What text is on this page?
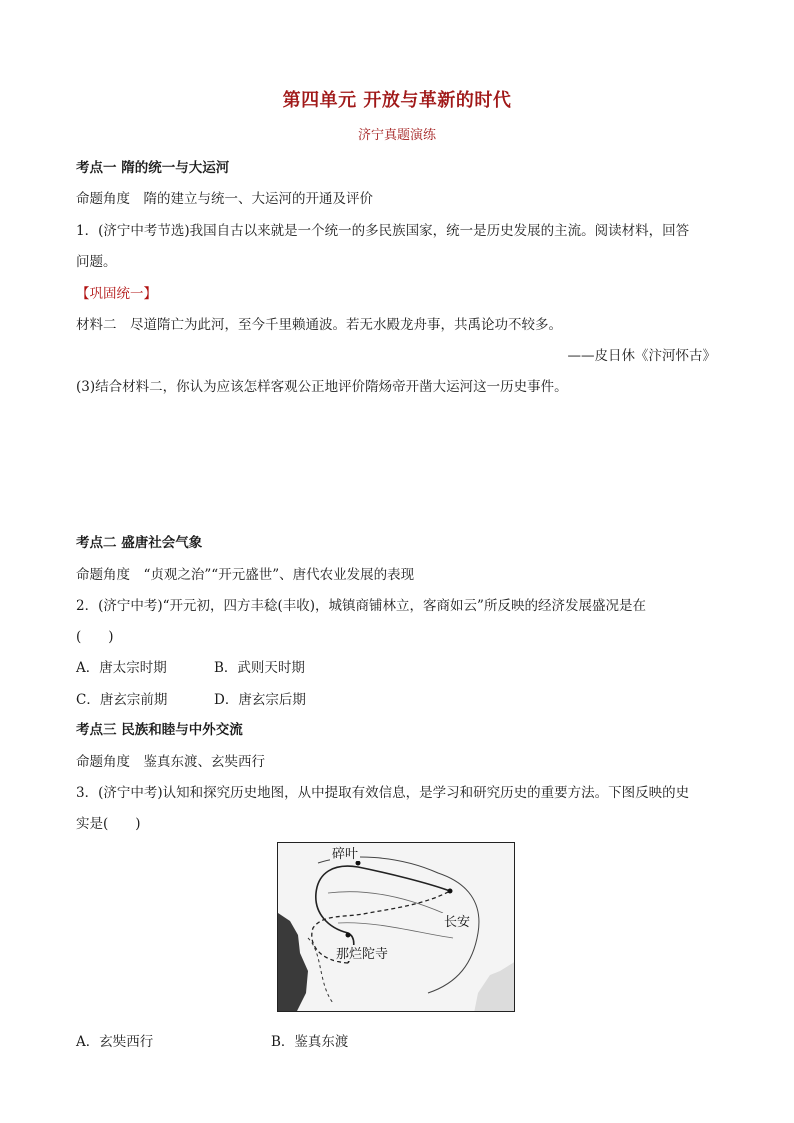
第四单元 开放与革新的时代
济宁真题演练
考点一 隋的统一与大运河
命题角度　隋的建立与统一、大运河的开通及评价
1．(济宁中考节选)我国自古以来就是一个统一的多民族国家，统一是历史发展的主流。阅读材料，回答
问题。
【巩固统一】
材料二　尽道隋亡为此河，至今千里赖通波。若无水殿龙舟事，共禹论功不较多。
——皮日休《汴河怀古》
(3)结合材料二，你认为应该怎样客观公正地评价隋炀帝开凿大运河这一历史事件。
考点二 盛唐社会气象
命题角度　“贞观之治”“开元盛世”、唐代农业发展的表现
2．(济宁中考)“开元初，四方丰稔(丰收)，城镇商铺林立，客商如云”所反映的经济发展盛况是在
(　　)
A．唐太宗时期	B．武则天时期
C．唐玄宗前期	D．唐玄宗后期
考点三 民族和睦与中外交流
命题角度　鉴真东渡、玄奘西行
3．(济宁中考)认知和探究历史地图，从中提取有效信息，是学习和研究历史的重要方法。下图反映的史
实是(　　)
碎叶
长安
那烂陀寺
A．玄奘西行	B．鉴真东渡
